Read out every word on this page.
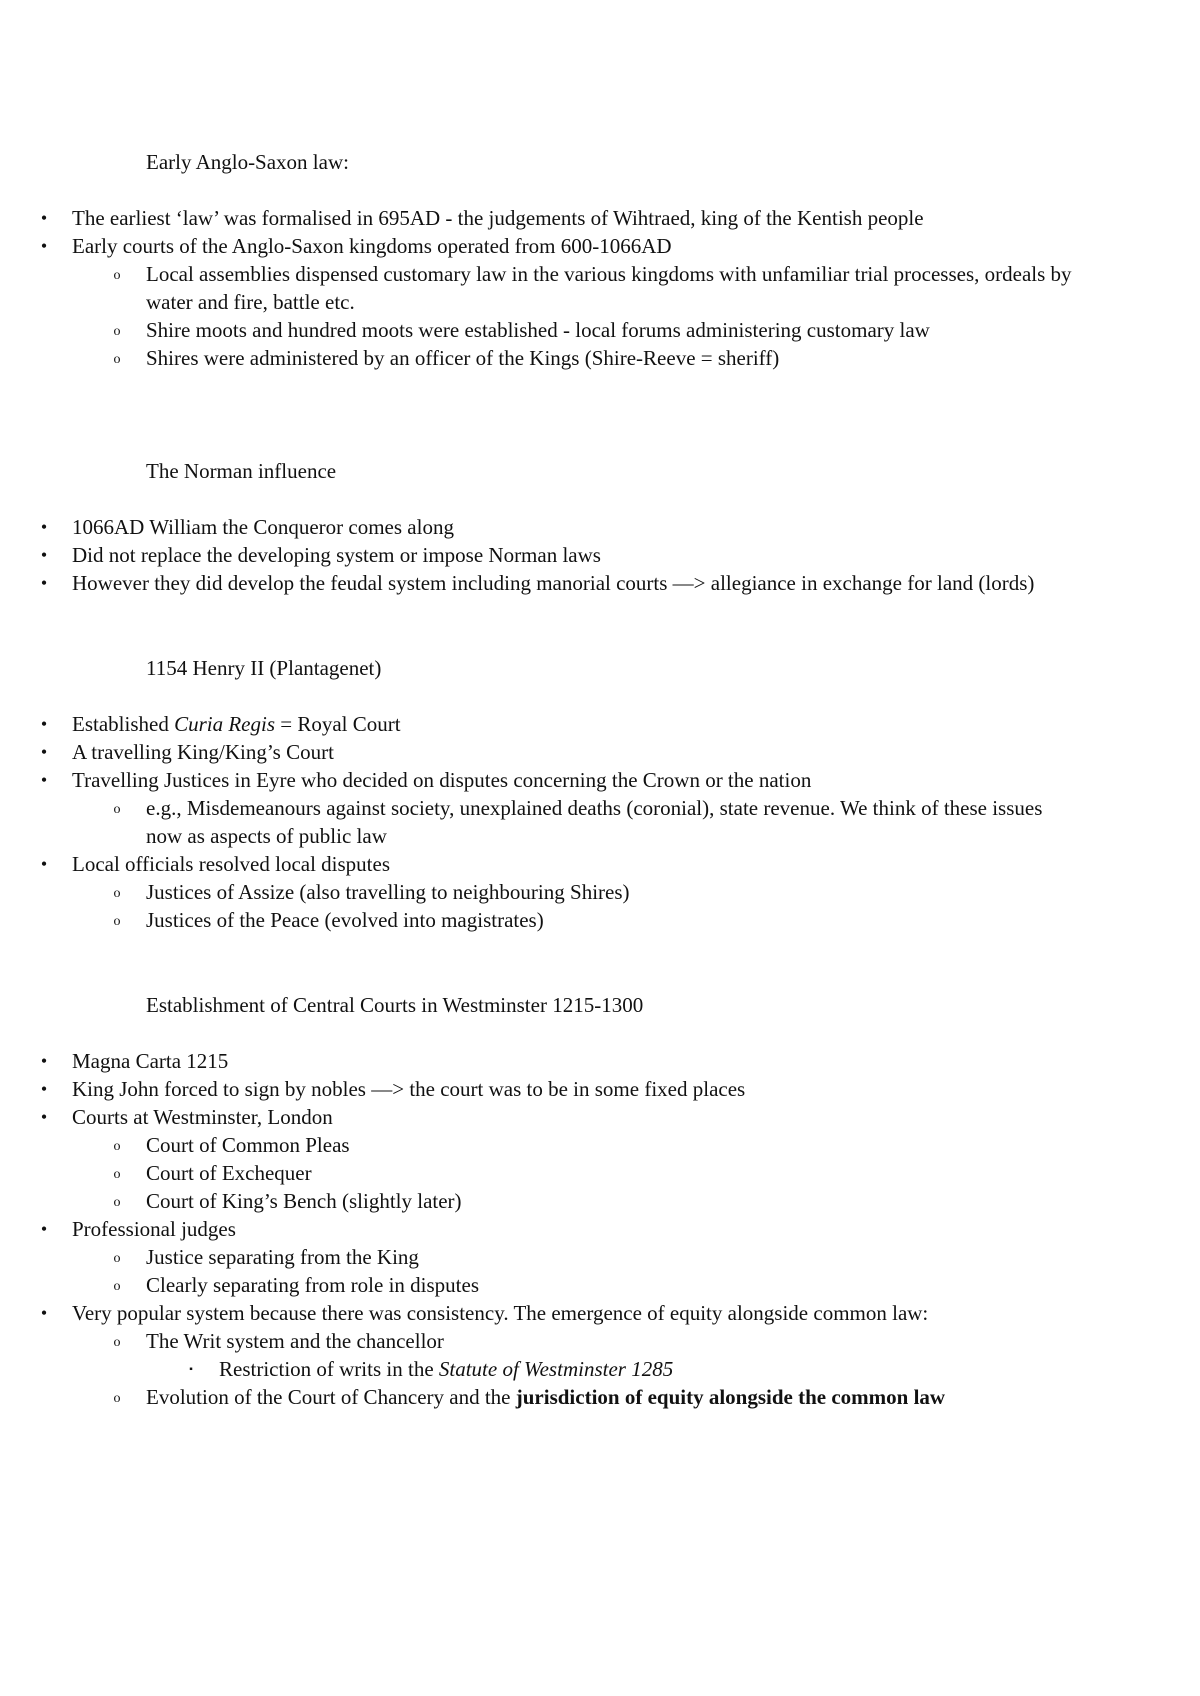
Early Anglo-Saxon law:
•	The earliest ‘law’ was formalised in 695AD - the judgements of Wihtraed, king of the Kentish people
•	Early courts of the Anglo-Saxon kingdoms operated from 600-1066AD
o	Local assemblies dispensed customary law in the various kingdoms with unfamiliar trial processes, ordeals by water and fire, battle etc.
o	Shire moots and hundred moots were established - local forums administering customary law
o	Shires were administered by an officer of the Kings (Shire-Reeve = sheriff)
The Norman influence
•	1066AD William the Conqueror comes along
•	Did not replace the developing system or impose Norman laws
•	However they did develop the feudal system including manorial courts —> allegiance in exchange for land (lords)
1154 Henry II (Plantagenet)
•	Established Curia Regis = Royal Court
•	A travelling King/King’s Court
•	Travelling Justices in Eyre who decided on disputes concerning the Crown or the nation
o	e.g., Misdemeanours against society, unexplained deaths (coronial), state revenue. We think of these issues now as aspects of public law
•	Local officials resolved local disputes
o	Justices of Assize (also travelling to neighbouring Shires)
o	Justices of the Peace (evolved into magistrates)
Establishment of Central Courts in Westminster 1215-1300
•	Magna Carta 1215
•	King John forced to sign by nobles —> the court was to be in some fixed places
•	Courts at Westminster, London
o	Court of Common Pleas
o	Court of Exchequer
o	Court of King’s Bench (slightly later)
•	Professional judges
o	Justice separating from the King
o	Clearly separating from role in disputes
•	Very popular system because there was consistency. The emergence of equity alongside common law:
o	The Writ system and the chancellor
▪	Restriction of writs in the Statute of Westminster 1285
o	Evolution of the Court of Chancery and the jurisdiction of equity alongside the common law
